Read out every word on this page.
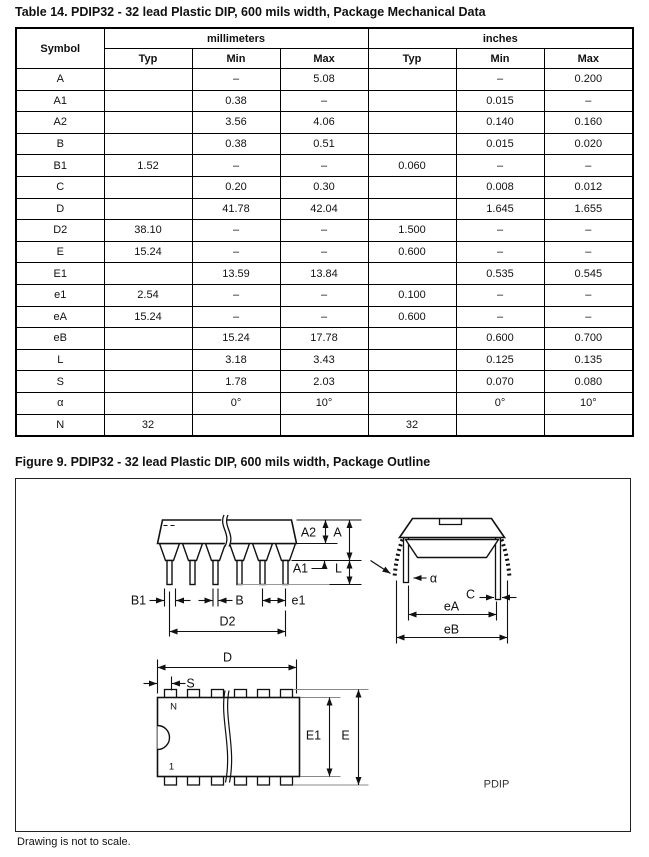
Table 14. PDIP32 - 32 lead Plastic DIP, 600 mils width, Package Mechanical Data
Symbol	millimeters			inches		
	Typ	Min	Max	Typ	Min	Max
A		–	5.08		–	0.200
A1		0.38	–		0.015	–
A2		3.56	4.06		0.140	0.160
B		0.38	0.51		0.015	0.020
B1	1.52	–	–	0.060	–	–
C		0.20	0.30		0.008	0.012
D		41.78	42.04		1.645	1.655
D2	38.10	–	–	1.500	–	–
E	15.24	–	–	0.600	–	–
E1		13.59	13.84		0.535	0.545
e1	2.54	–	–	0.100	–	–
eA	15.24	–	–	0.600	–	–
eB		15.24	17.78		0.600	0.700
L		3.18	3.43		0.125	0.135
S		1.78	2.03		0.070	0.080
α		0°	10°		0°	10°
N	32			32		
Figure 9. PDIP32 - 32 lead Plastic DIP, 600 mils width, Package Outline
A2 A
A1 L
B1	B	e1
D2
α
C
eA
eB
D
S
N
1
E1 E
PDIP
Drawing is not to scale.
